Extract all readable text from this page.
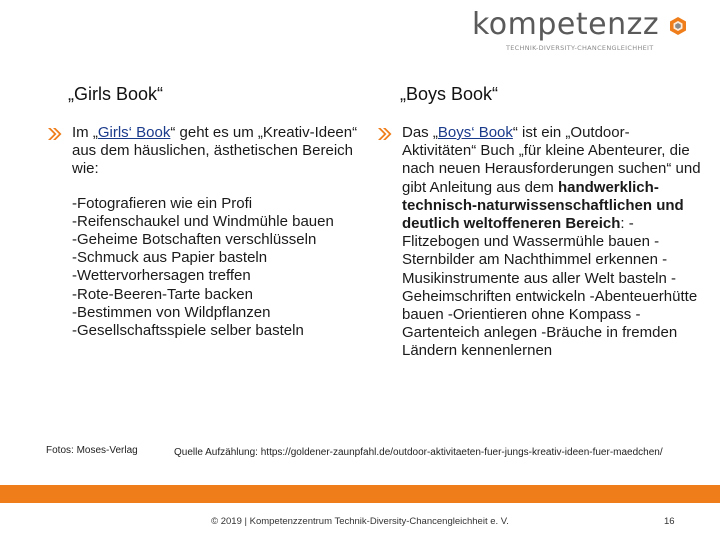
kompetenzz
TECHNIK-DIVERSITY-CHANCENGLEICHHEIT
„Girls Book“	„Boys Book“

Im „Girls‘ Book“ geht es um „Kreativ-Ideen“ aus dem häuslichen, ästhetischen Bereich wie:

-Fotografieren wie ein Profi
-Reifenschaukel und Windmühle bauen
-Geheime Botschaften verschlüsseln
-Schmuck aus Papier basteln
-Wettervorhersagen treffen
-Rote-Beeren-Tarte backen
-Bestimmen von Wildpflanzen
-Gesellschaftsspiele selber basteln

Das „Boys‘ Book“ ist ein „Outdoor-Aktivitäten“ Buch „für kleine Abenteurer, die nach neuen Herausforderungen suchen“ und gibt Anleitung aus dem handwerklich-technisch-naturwissenschaftlichen und deutlich weltoffeneren Bereich: -Flitzebogen und Wassermühle bauen -Sternbilder am Nachthimmel erkennen -Musikinstrumente aus aller Welt basteln -Geheimschriften entwickeln -Abenteuerhütte bauen -Orientieren ohne Kompass -Gartenteich anlegen -Bräuche in fremden Ländern kennenlernen

Fotos: Moses-Verlag	Quelle Aufzählung: https://goldener-zaunpfahl.de/outdoor-aktivitaeten-fuer-jungs-kreativ-ideen-fuer-maedchen/
© 2019 | Kompetenzzentrum Technik-Diversity-Chancengleichheit e. V.	16
